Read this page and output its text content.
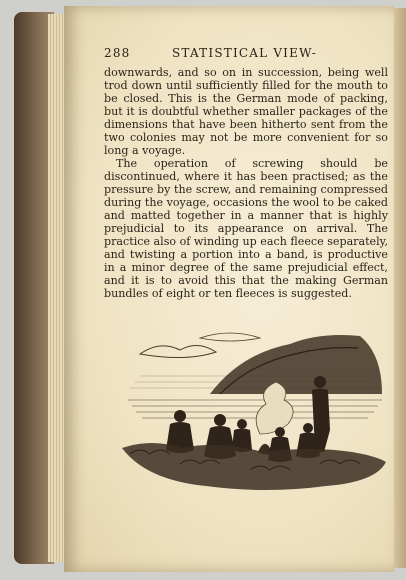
288	STATISTICAL VIEW-

downwards, and so on in succession, being well trod down until sufficiently filled for the mouth to be closed. This is the German mode of packing, but it is doubtful whether smaller packages of the dimensions that have been hitherto sent from the two colonies may not be more convenient for so long a voyage.

The operation of screwing should be discontinued, where it has been practised; as the pressure by the screw, and remaining compressed during the voyage, occasions the wool to be caked and matted together in a manner that is highly prejudicial to its appearance on arrival. The practice also of winding up each fleece separately, and twisting a portion into a band, is productive in a minor degree of the same prejudicial effect, and it is to avoid this that the making German bundles of eight or ten fleeces is suggested.
